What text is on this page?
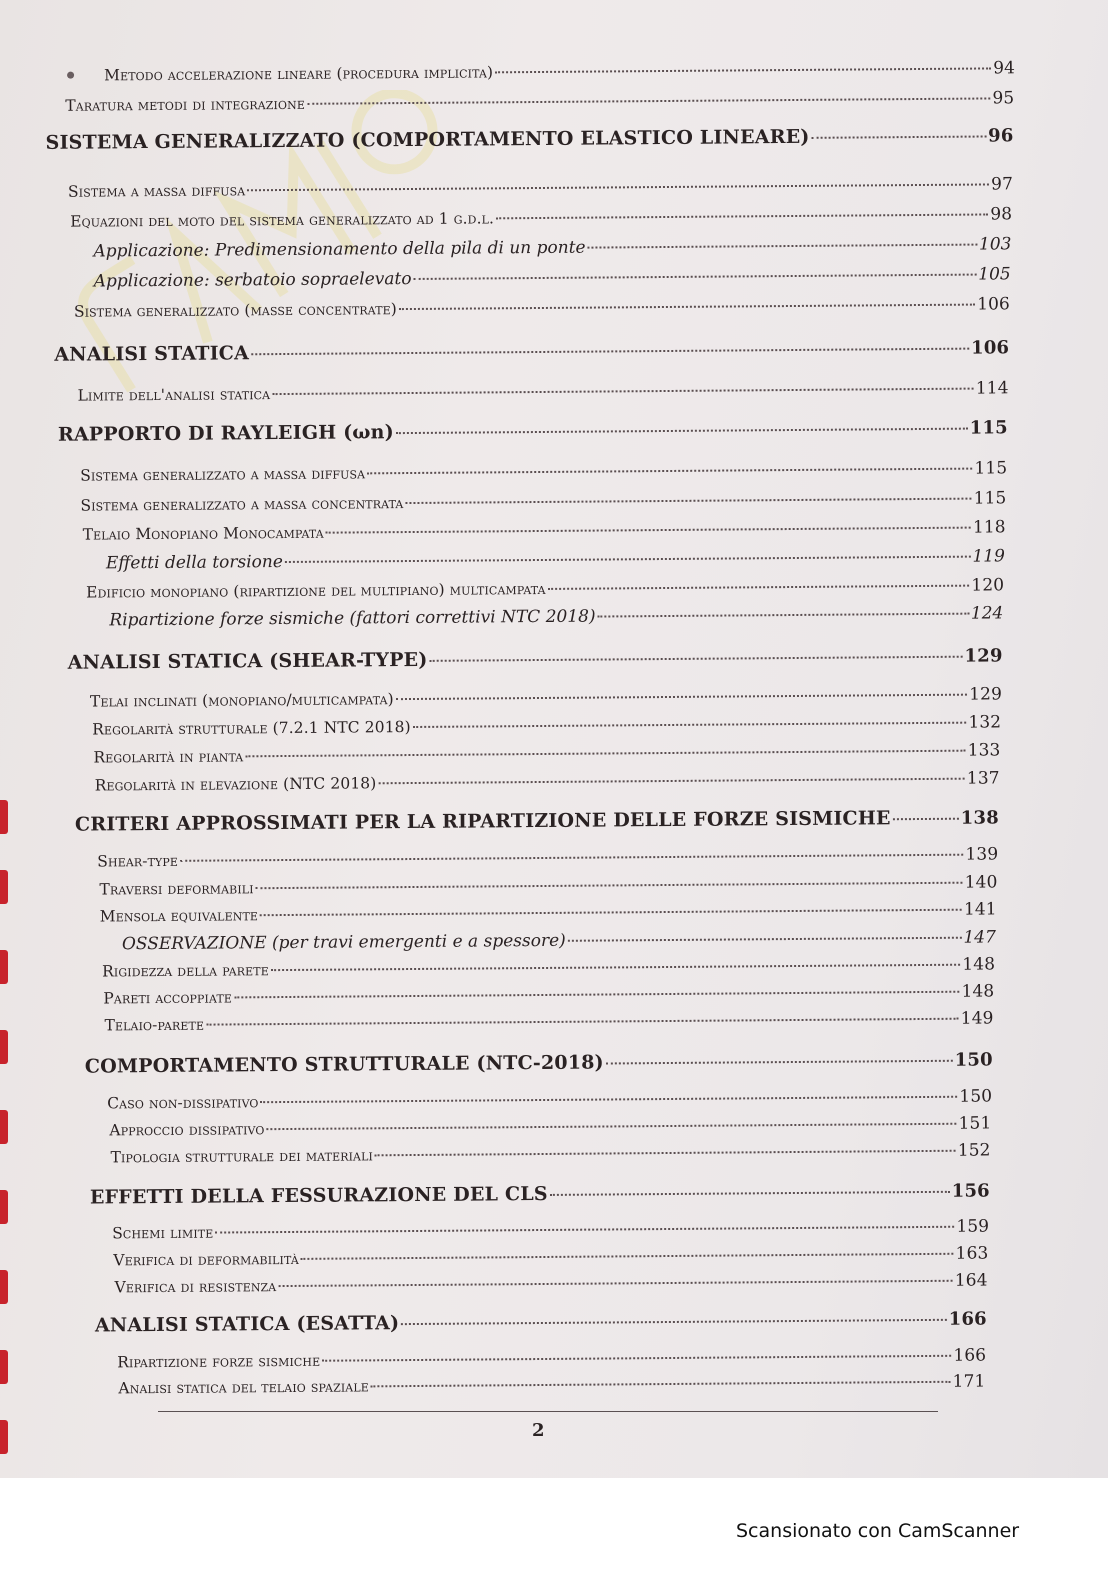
Metodo accelerazione lineare (procedura implicita)	94
Taratura metodi di integrazione	95
SISTEMA GENERALIZZATO (COMPORTAMENTO ELASTICO LINEARE)	96
Sistema a massa diffusa	97
Equazioni del moto del sistema generalizzato ad 1 g.d.l.	98
Applicazione: Predimensionamento della pila di un ponte	103
Applicazione: serbatoio sopraelevato	105
Sistema generalizzato (masse concentrate)	106
ANALISI STATICA	106
Limite dell'analisi statica	114
RAPPORTO DI RAYLEIGH (ωn)	115
Sistema generalizzato a massa diffusa	115
Sistema generalizzato a massa concentrata	115
Telaio Monopiano Monocampata	118
Effetti della torsione	119
Edificio monopiano (ripartizione del multipiano) multicampata	120
Ripartizione forze sismiche (fattori correttivi NTC 2018)	124
ANALISI STATICA (SHEAR-TYPE)	129
Telai inclinati (monopiano/multicampata)	129
Regolarità strutturale (7.2.1 NTC 2018)	132
Regolarità in pianta	133
Regolarità in elevazione (NTC 2018)	137
CRITERI APPROSSIMATI PER LA RIPARTIZIONE DELLE FORZE SISMICHE	138
Shear-type	139
Traversi deformabili	140
Mensola equivalente	141
OSSERVAZIONE (per travi emergenti e a spessore)	147
Rigidezza della parete	148
Pareti accoppiate	148
Telaio-parete	149
COMPORTAMENTO STRUTTURALE (NTC-2018)	150
Caso non-dissipativo	150
Approccio dissipativo	151
Tipologia strutturale dei materiali	152
EFFETTI DELLA FESSURAZIONE DEL CLS	156
Schemi limite	159
Verifica di deformabilità	163
Verifica di resistenza	164
ANALISI STATICA (ESATTA)	166
Ripartizione forze sismiche	166
Analisi statica del telaio spaziale	171
2
Scansionato con CamScanner
